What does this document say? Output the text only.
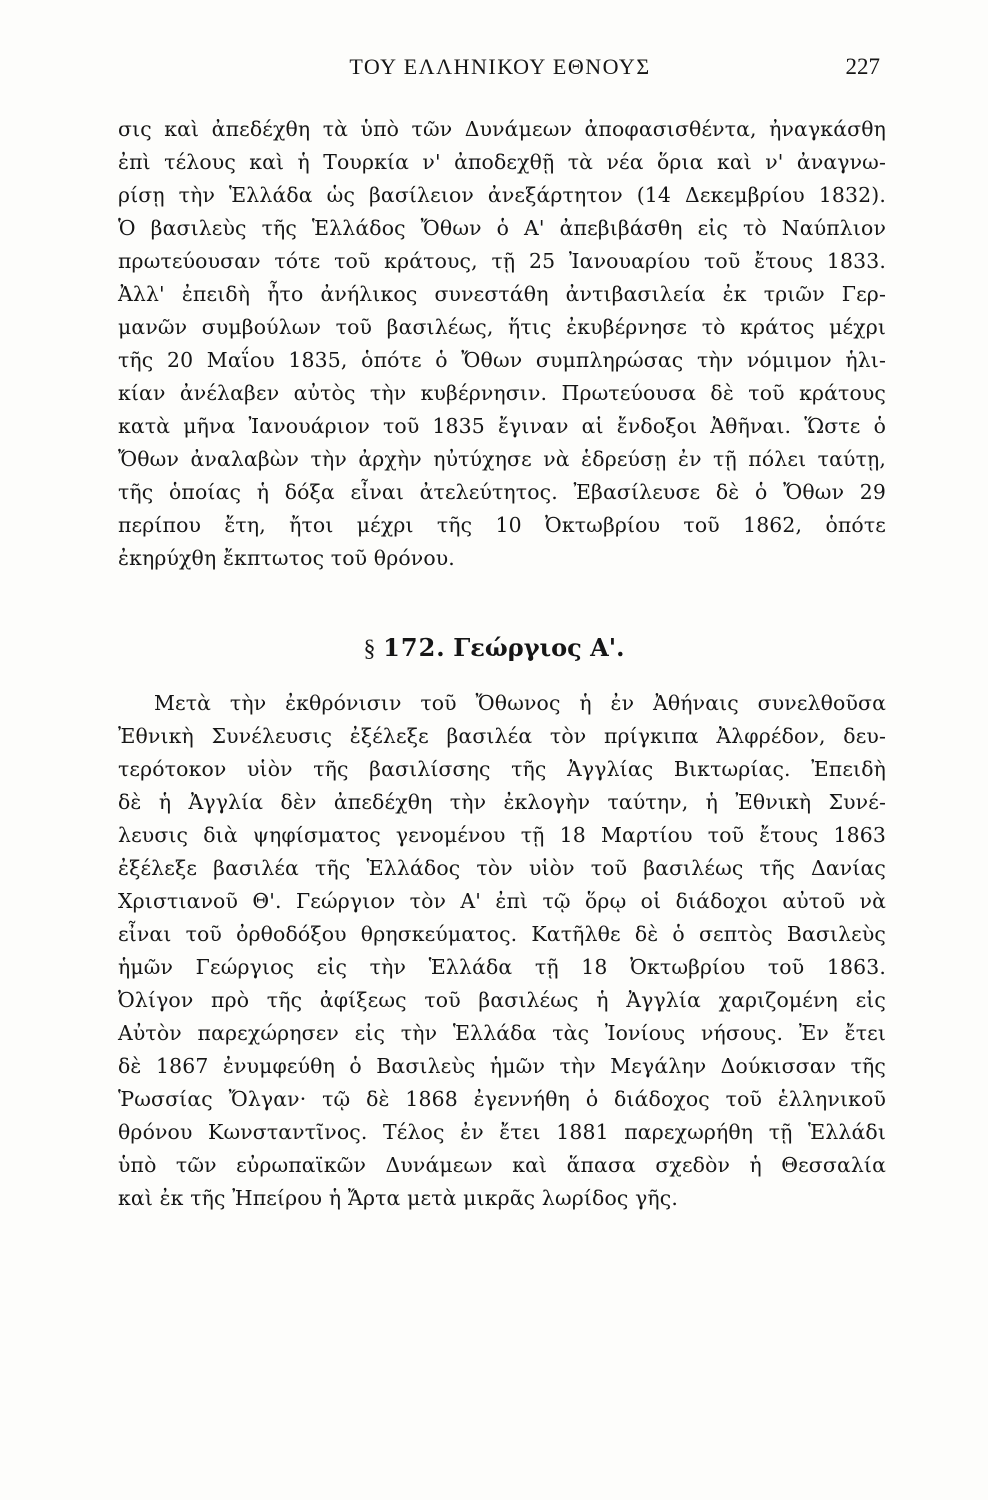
ΤΟΥ ΕΛΛΗΝΙΚΟΥ ΕΘΝΟΥΣ	227
σις καὶ ἀπεδέχθη τὰ ὑπὸ τῶν Δυνάμεων ἀποφασισθέντα, ἠναγκάσθη
ἐπὶ τέλους καὶ ἡ Τουρκία ν' ἀποδεχθῇ τὰ νέα ὅρια καὶ ν' ἀναγνω-
ρίσῃ τὴν Ἑλλάδα ὡς βασίλειον ἀνεξάρτητον (14 Δεκεμβρίου 1832).
Ὁ βασιλεὺς τῆς Ἑλλάδος Ὄθων ὁ Α' ἀπεβιβάσθη εἰς τὸ Ναύπλιον
πρωτεύουσαν τότε τοῦ κράτους, τῇ 25 Ἰανουαρίου τοῦ ἔτους 1833.
Ἀλλ' ἐπειδὴ ἦτο ἀνήλικος συνεστάθη ἀντιβασιλεία ἐκ τριῶν Γερ-
μανῶν συμβούλων τοῦ βασιλέως, ἥτις ἐκυβέρνησε τὸ κράτος μέχρι
τῆς 20 Μαΐου 1835, ὁπότε ὁ Ὄθων συμπληρώσας τὴν νόμιμον ἡλι-
κίαν ἀνέλαβεν αὐτὸς τὴν κυβέρνησιν. Πρωτεύουσα δὲ τοῦ κράτους
κατὰ μῆνα Ἰανουάριον τοῦ 1835 ἔγιναν αἱ ἔνδοξοι Ἀθῆναι. Ὥστε ὁ
Ὄθων ἀναλαβὼν τὴν ἀρχὴν ηὐτύχησε νὰ ἑδρεύσῃ ἐν τῇ πόλει ταύτῃ,
τῆς ὁποίας ἡ δόξα εἶναι ἀτελεύτητος. Ἐβασίλευσε δὲ ὁ Ὄθων 29
περίπου ἔτη, ἤτοι μέχρι τῆς 10 Ὀκτωβρίου τοῦ 1862, ὁπότε
ἐκηρύχθη ἔκπτωτος τοῦ θρόνου.
§ 172. Γεώργιος Α'.
Μετὰ τὴν ἐκθρόνισιν τοῦ Ὄθωνος ἡ ἐν Ἀθήναις συνελθοῦσα
Ἐθνικὴ Συνέλευσις ἐξέλεξε βασιλέα τὸν πρίγκιπα Ἀλφρέδον, δευ-
τερότοκον υἱὸν τῆς βασιλίσσης τῆς Ἀγγλίας Βικτωρίας. Ἐπειδὴ
δὲ ἡ Ἀγγλία δὲν ἀπεδέχθη τὴν ἐκλογὴν ταύτην, ἡ Ἐθνικὴ Συνέ-
λευσις διὰ ψηφίσματος γενομένου τῇ 18 Μαρτίου τοῦ ἔτους 1863
ἐξέλεξε βασιλέα τῆς Ἑλλάδος τὸν υἱὸν τοῦ βασιλέως τῆς Δανίας
Χριστιανοῦ Θ'. Γεώργιον τὸν Α' ἐπὶ τῷ ὅρῳ οἱ διάδοχοι αὐτοῦ νὰ
εἶναι τοῦ ὀρθοδόξου θρησκεύματος. Κατῆλθε δὲ ὁ σεπτὸς Βασιλεὺς
ἡμῶν Γεώργιος εἰς τὴν Ἑλλάδα τῇ 18 Ὀκτωβρίου τοῦ 1863.
Ὀλίγον πρὸ τῆς ἀφίξεως τοῦ βασιλέως ἡ Ἀγγλία χαριζομένη εἰς
Αὐτὸν παρεχώρησεν εἰς τὴν Ἑλλάδα τὰς Ἰονίους νήσους. Ἐν ἔτει
δὲ 1867 ἐνυμφεύθη ὁ Βασιλεὺς ἡμῶν τὴν Μεγάλην Δούκισσαν τῆς
Ῥωσσίας Ὄλγαν· τῷ δὲ 1868 ἐγεννήθη ὁ διάδοχος τοῦ ἑλληνικοῦ
θρόνου Κωνσταντῖνος. Τέλος ἐν ἔτει 1881 παρεχωρήθη τῇ Ἑλλάδι
ὑπὸ τῶν εὐρωπαϊκῶν Δυνάμεων καὶ ἅπασα σχεδὸν ἡ Θεσσαλία
καὶ ἐκ τῆς Ἠπείρου ἡ Ἄρτα μετὰ μικρᾶς λωρίδος γῆς.
